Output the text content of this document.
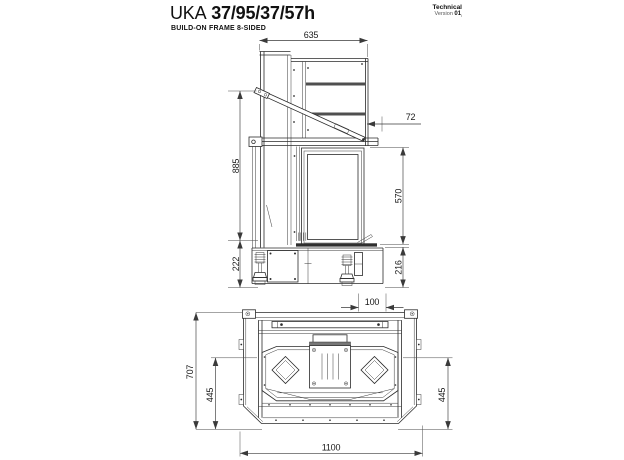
UKA 37/95/37/57h
BUILD-ON FRAME 8-SIDED
Technical
Version $01_i$
635
72
885
222
570
216
100
707
445	445
1100
